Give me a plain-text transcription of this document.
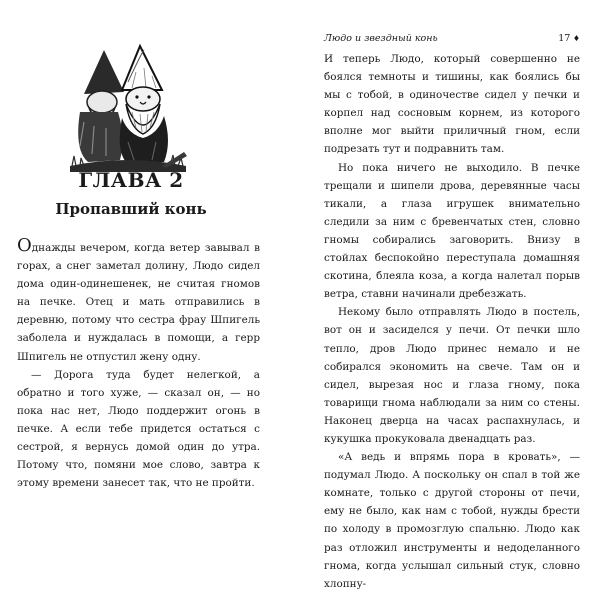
ГЛАВА 2
Пропавший конь

Однажды вечером, когда ветер завывал в горах, а снег заметал долину, Людо сидел дома один-одинешенек, не считая гномов на печке. Отец и мать отправились в деревню, потому что сестра фрау Шпигель заболела и нуждалась в помощи, а герр Шпигель не отпустил жену одну.

— Дорога туда будет нелегкой, а обратно и того хуже, — сказал он, — но пока нас нет, Людо поддержит огонь в печке. А если тебе придется остаться с сестрой, я вернусь домой один до утра. Потому что, помяни мое слово, завтра к этому времени занесет так, что не пройти.

Людо и звездный конь	17 ♦

И теперь Людо, который совершенно не боялся темноты и тишины, как боялись бы мы с тобой, в одиночестве сидел у печки и корпел над сосновым корнем, из которого вполне мог выйти приличный гном, если подрезать тут и подравнить там.

Но пока ничего не выходило. В печке трещали и шипели дрова, деревянные часы тикали, а глаза игрушек внимательно следили за ним с бревенчатых стен, словно гномы собирались заговорить. Внизу в стойлах беспокойно переступала домашняя скотина, блеяла коза, а когда налетал порыв ветра, ставни начинали дребезжать.

Некому было отправлять Людо в постель, вот он и засиделся у печи. От печки шло тепло, дров Людо принес немало и не собирался экономить на свече. Там он и сидел, вырезая нос и глаза гному, пока товарищи гнома наблюдали за ним со стены. Наконец дверца на часах распахнулась, и кукушка прокуковала двенадцать раз.

«А ведь и впрямь пора в кровать», — подумал Людо. А поскольку он спал в той же комнате, только с другой стороны от печи, ему не было, как нам с тобой, нужды брести по холоду в промозглую спальню. Людо как раз отложил инструменты и недоделанного гнома, когда услышал сильный стук, словно хлопну-
